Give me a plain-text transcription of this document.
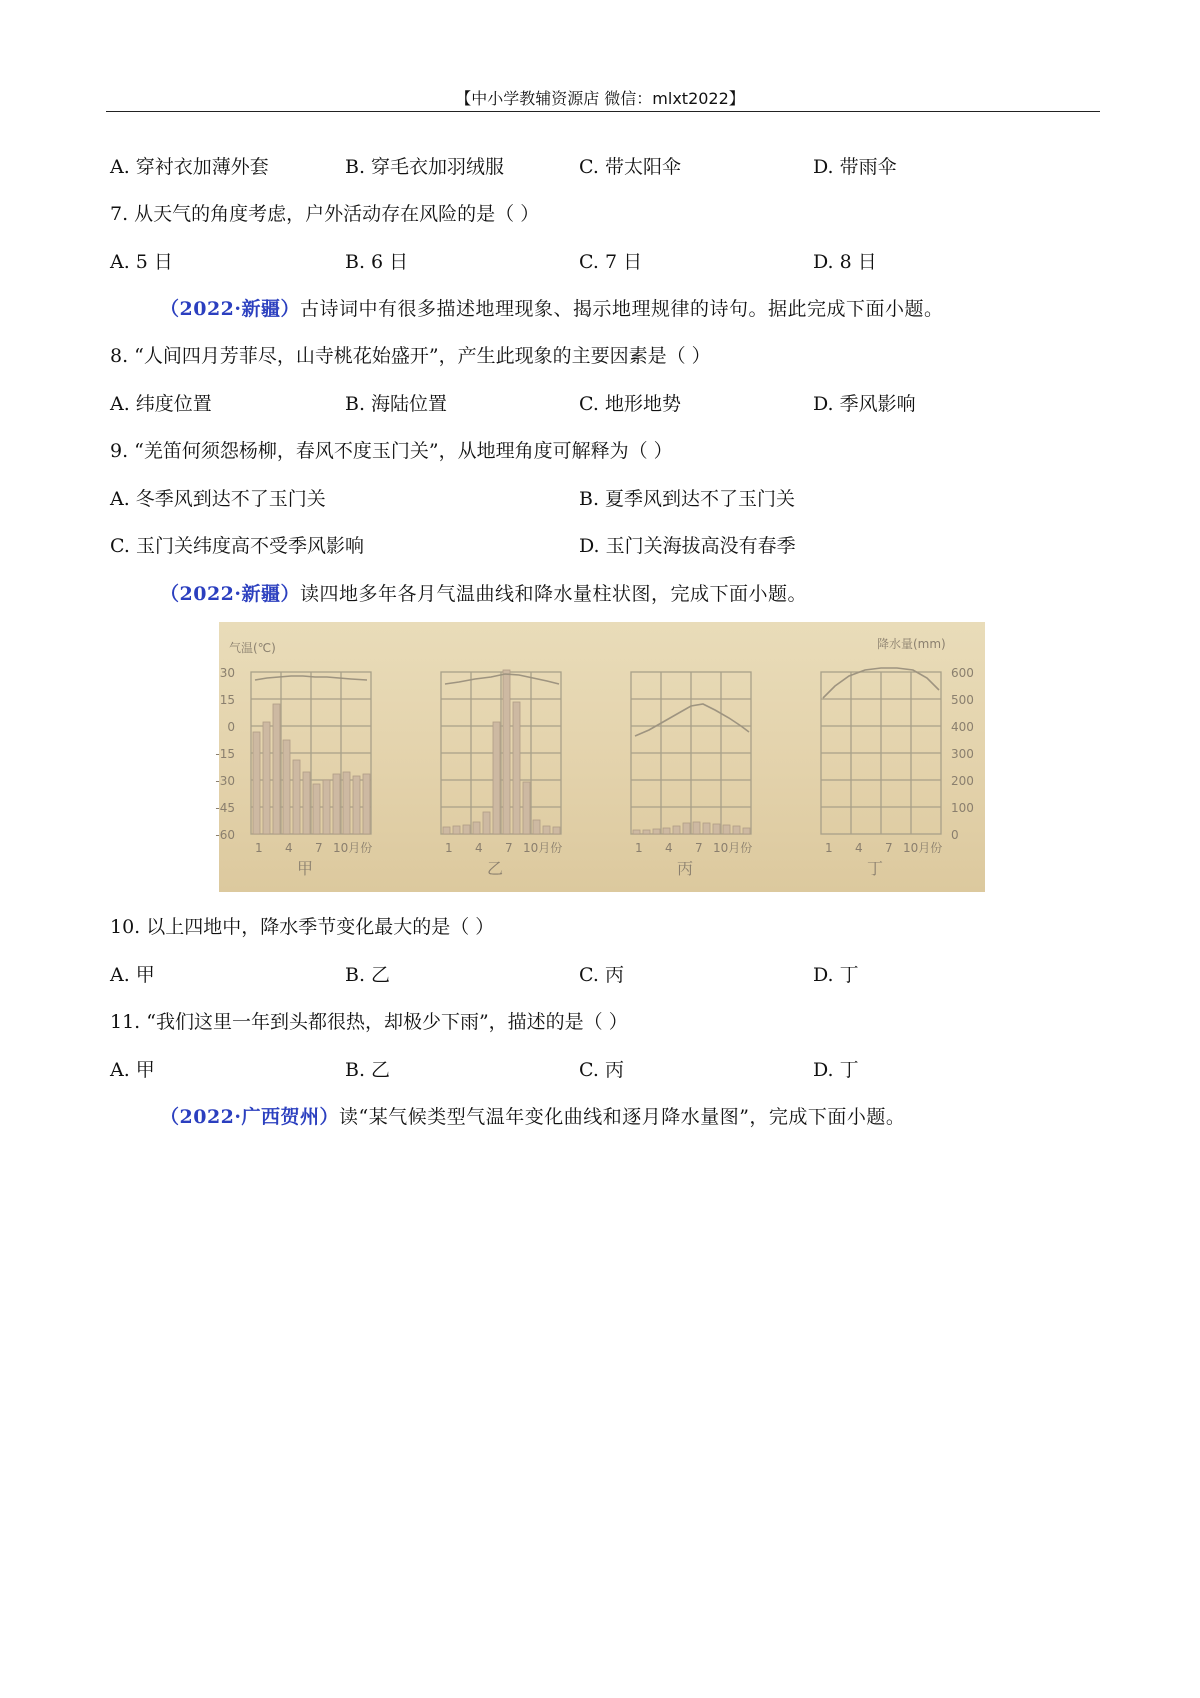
【中小学教辅资源店 微信：mlxt2022】
A. 穿衬衣加薄外套	B. 穿毛衣加羽绒服	C. 带太阳伞	D. 带雨伞
7. 从天气的角度考虑，户外活动存在风险的是（ ）
A. 5 日	B. 6 日	C. 7 日	D. 8 日
（2022·新疆）古诗词中有很多描述地理现象、揭示地理规律的诗句。据此完成下面小题。
8. “人间四月芳菲尽，山寺桃花始盛开”，产生此现象的主要因素是（ ）
A. 纬度位置	B. 海陆位置	C. 地形地势	D. 季风影响
9. “羌笛何须怨杨柳，春风不度玉门关”，从地理角度可解释为（ ）
A. 冬季风到达不了玉门关	B. 夏季风到达不了玉门关
C. 玉门关纬度高不受季风影响	D. 玉门关海拔高没有春季
（2022·新疆）读四地多年各月气温曲线和降水量柱状图，完成下面小题。
气温(℃)	降水量(mm)
30
15
0
-15
-30
-45
-60
600
500
400
300
200
100
0
1 4 7 10月份
甲
1 4 7 10月份
乙
1 4 7 10月份
丙
1 4 7 10月份
丁
10. 以上四地中，降水季节变化最大的是（ ）
A. 甲	B. 乙	C. 丙	D. 丁
11. “我们这里一年到头都很热，却极少下雨”，描述的是（ ）
A. 甲	B. 乙	C. 丙	D. 丁
（2022·广西贺州）读“某气候类型气温年变化曲线和逐月降水量图”，完成下面小题。
